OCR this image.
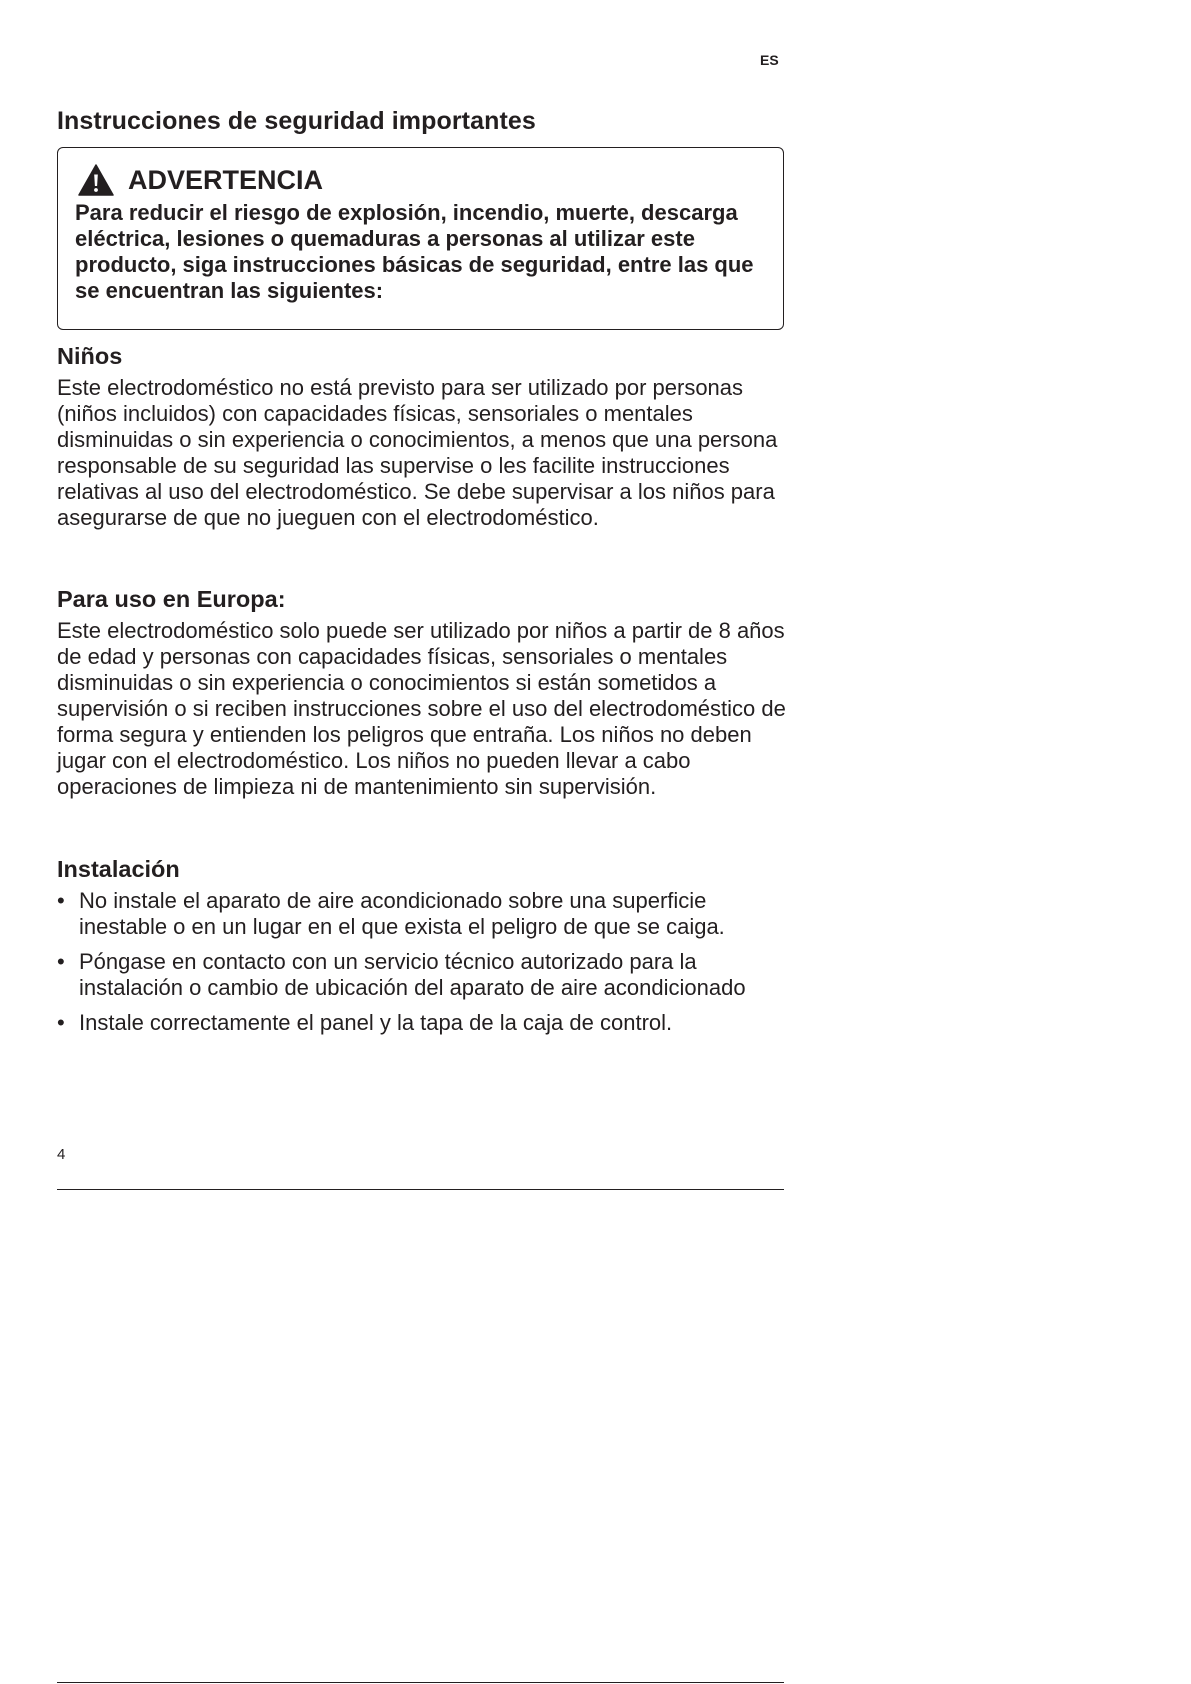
ES
Instrucciones de seguridad importantes
ADVERTENCIA

Para reducir el riesgo de explosión, incendio, muerte, descarga eléctrica, lesiones o quemaduras a personas al utilizar este producto, siga instrucciones básicas de seguridad, entre las que se encuentran las siguientes:

Niños

Este electrodoméstico no está previsto para ser utilizado por personas (niños incluidos) con capacidades físicas, sensoriales o mentales disminuidas o sin experiencia o conocimientos, a menos que una persona responsable de su seguridad las supervise o les facilite instrucciones relativas al uso del electrodoméstico. Se debe supervisar a los niños para asegurarse de que no jueguen con el electrodoméstico.

Para uso en Europa:

Este electrodoméstico solo puede ser utilizado por niños a partir de 8 años de edad y personas con capacidades físicas, sensoriales o mentales disminuidas o sin experiencia o conocimientos si están sometidos a supervisión o si reciben instrucciones sobre el uso del electrodoméstico de forma segura y entienden los peligros que entraña. Los niños no deben jugar con el electrodoméstico. Los niños no pueden llevar a cabo operaciones de limpieza ni de mantenimiento sin supervisión.

Instalación
• No instale el aparato de aire acondicionado sobre una superficie inestable o en un lugar en el que exista el peligro de que se caiga.
• Póngase en contacto con un servicio técnico autorizado para la instalación o cambio de ubicación del aparato de aire acondicionado
• Instale correctamente el panel y la tapa de la caja de control.
4
